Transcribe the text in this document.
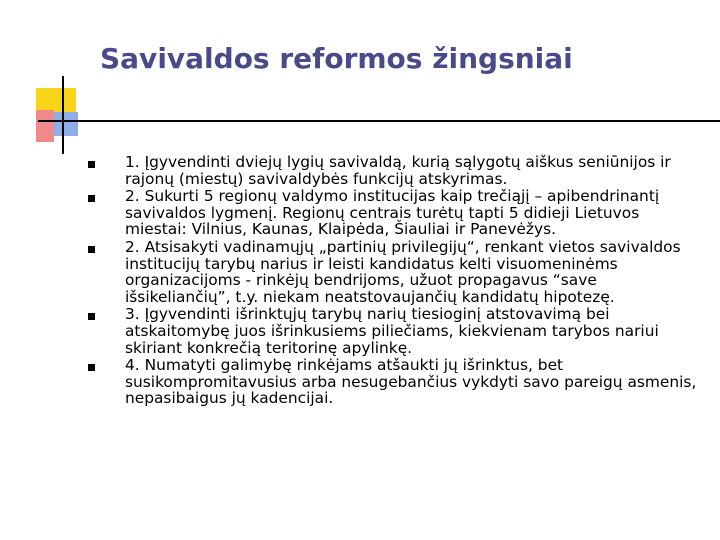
Savivaldos reformos žingsniai
1. Įgyvendinti dviejų lygių savivaldą, kurią sąlygotų aiškus seniūnijos ir rajonų (miestų) savivaldybės funkcijų atskyrimas.
2. Sukurti 5 regionų valdymo institucijas kaip trečiąjį – apibendrinantį savivaldos lygmenį. Regionų centrais turėtų tapti 5 didieji Lietuvos miestai: Vilnius, Kaunas, Klaipėda, Šiauliai ir Panevėžys.
2. Atsisakyti vadinamųjų „partinių privilegijų“, renkant vietos savivaldos institucijų tarybų narius ir leisti kandidatus kelti visuomeninėms organizacijoms - rinkėjų bendrijoms, užuot propagavus “save išsikeliančių”, t.y. niekam neatstovaujančių kandidatų hipotezę.
3. Įgyvendinti išrinktųjų tarybų narių tiesioginį atstovavimą bei atskaitomybę juos išrinkusiems piliečiams, kiekvienam tarybos nariui skiriant konkrečią teritorinę apylinkę.
4. Numatyti galimybę rinkėjams atšaukti jų išrinktus, bet susikompromitavusius arba nesugebančius vykdyti savo pareigų asmenis, nepasibaigus jų kadencijai.
